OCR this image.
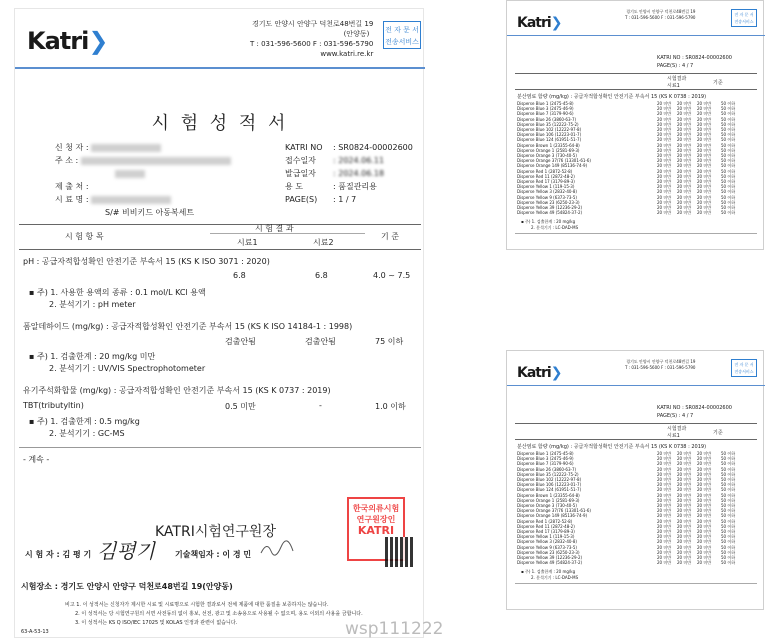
Katri❯
경기도 안양시 안양구 덕천로48번길 19
(안양동)
T : 031-596-5600 F : 031-596-5790
www.katri.re.kr
전 자 문 서
전송서비스
시 험 성 적 서
신 청 자 :
주 소 :
제 출 처 :
시 료 명 :
S/# 비비키드 아동복세트
KATRI NO : SR0824-00002600
접수일자 : 2024.06.11
발급일자 : 2024.06.18
용 도	: 품질관리용
PAGE(S) : 1 / 7
시 험 항 목
시 험 결 과
시료1	시료2
기 준
pH : 공급자적합성확인 안전기준 부속서 15 (KS K ISO 3071 : 2020)
6.8	6.8	4.0 ~ 7.5
▪ 주) 1. 사용한 용액의 종류 : 0.1 mol/L KCl 용액
2. 분석기기 : pH meter
폼알데하이드 (mg/kg) : 공급자적합성확인 안전기준 부속서 15 (KS K ISO 14184-1 : 1998)
검출안됨	검출안됨	75 이하
▪ 주) 1. 검출한계 : 20 mg/kg 미만
2. 분석기기 : UV/VIS Spectrophotometer
유기주석화합물 (mg/kg) : 공급자적합성확인 안전기준 부속서 15 (KS K 0737 : 2019)
TBT(tributyltin)	0.5 미만	-	1.0 이하
▪ 주) 1. 검출한계 : 0.5 mg/kg
2. 분석기기 : GC-MS
- 계속 -
KATRI시험연구원장
한국의류시험연구원장인
KATRI
시 험 자 : 김 평 기 김평기	기술책임자 : 이 경 민
시험장소 : 경기도 안양시 안양구 덕천로48번길 19(안양동)
비고 1. 이 성적서는 신청자가 제시한 시료 및 시료명으로 시험한 결과로서 전체 제품에 대한 품질을 보증하지는 않습니다.
2. 이 성적서는 당 시험연구원의 서면 사전동의 없이 홍보, 선전, 광고 및 소송용으로 사용될 수 없으며, 용도 이외의 사용을 금합니다.
3. 이 성적서는 KS Q ISO/IEC 17025 및 KOLAS 인정과 관련이 없습니다.
63-A-53-13	wsp111222
Katri❯
경기도 안양시 안양구 덕천로48번길 19
T : 031-596-5600 F : 031-596-5790
전 자 문 서
전송서비스
KATRI NO : SR0824-00002600
PAGE(S) : 4 / 7
시험결과
시료1	기준
분산염료 함량 (mg/kg) : 공급자적합성확인 안전기준 부속서 15 (KS K 0738 : 2019)
Disperse Blue 1 (2475-45-8)	20 미만 20 미만 20 미만 50 이하
Disperse Blue 3 (2475-46-9)	20 미만 20 미만 20 미만 50 이하
Disperse Blue 7 (3179-90-6)	20 미만 20 미만 20 미만 50 이하
Disperse Blue 26 (3860-63-7)	20 미만 20 미만 20 미만 50 이하
Disperse Blue 35 (12222-75-2)	20 미만 20 미만 20 미만 50 이하
Disperse Blue 102 (12222-97-8)	20 미만 20 미만 20 미만 50 이하
Disperse Blue 106 (12223-01-7)	20 미만 20 미만 20 미만 50 이하
Disperse Blue 124 (61951-51-7)	20 미만 20 미만 20 미만 50 이하
Disperse Brown 1 (23355-64-8)	20 미만 20 미만 20 미만 50 이하
Disperse Orange 1 (2581-69-3)	20 미만 20 미만 20 미만 50 이하
Disperse Orange 3 (730-40-5)	20 미만 20 미만 20 미만 50 이하
Disperse Orange 37/76 (13301-61-6)	20 미만 20 미만 20 미만 50 이하
Disperse Orange 149 (85136-74-9)	20 미만 20 미만 20 미만 50 이하
Disperse Red 1 (2872-52-8)	20 미만 20 미만 20 미만 50 이하
Disperse Red 11 (2872-48-2)	20 미만 20 미만 20 미만 50 이하
Disperse Red 17 (3179-89-3)	20 미만 20 미만 20 미만 50 이하
Disperse Yellow 1 (119-15-3)	20 미만 20 미만 20 미만 50 이하
Disperse Yellow 3 (2832-40-8)	20 미만 20 미만 20 미만 50 이하
Disperse Yellow 9 (6373-73-5)	20 미만 20 미만 20 미만 50 이하
Disperse Yellow 23 (6250-23-3)	20 미만 20 미만 20 미만 50 이하
Disperse Yellow 39 (12236-29-2)	20 미만 20 미만 20 미만 50 이하
Disperse Yellow 49 (54824-37-2)	20 미만 20 미만 20 미만 50 이하
▪ 주) 1. 검출한계 : 20 mg/kg
2. 분석기기 : LC-DAD-MS
Katri❯
경기도 안양시 안양구 덕천로48번길 19
T : 031-596-5600 F : 031-596-5790
전 자 문 서
전송서비스
KATRI NO : SR0824-00002600
PAGE(S) : 4 / 7
시험결과
시료1	기준
분산염료 함량 (mg/kg) : 공급자적합성확인 안전기준 부속서 15 (KS K 0738 : 2019)
Disperse Blue 1 (2475-45-8)	20 미만 20 미만 20 미만 50 이하
Disperse Blue 3 (2475-46-9)	20 미만 20 미만 20 미만 50 이하
Disperse Blue 7 (3179-90-6)	20 미만 20 미만 20 미만 50 이하
Disperse Blue 26 (3860-63-7)	20 미만 20 미만 20 미만 50 이하
Disperse Blue 35 (12222-75-2)	20 미만 20 미만 20 미만 50 이하
Disperse Blue 102 (12222-97-8)	20 미만 20 미만 20 미만 50 이하
Disperse Blue 106 (12223-01-7)	20 미만 20 미만 20 미만 50 이하
Disperse Blue 124 (61951-51-7)	20 미만 20 미만 20 미만 50 이하
Disperse Brown 1 (23355-64-8)	20 미만 20 미만 20 미만 50 이하
Disperse Orange 1 (2581-69-3)	20 미만 20 미만 20 미만 50 이하
Disperse Orange 3 (730-40-5)	20 미만 20 미만 20 미만 50 이하
Disperse Orange 37/76 (13301-61-6)	20 미만 20 미만 20 미만 50 이하
Disperse Orange 149 (85136-74-9)	20 미만 20 미만 20 미만 50 이하
Disperse Red 1 (2872-52-8)	20 미만 20 미만 20 미만 50 이하
Disperse Red 11 (2872-48-2)	20 미만 20 미만 20 미만 50 이하
Disperse Red 17 (3179-89-3)	20 미만 20 미만 20 미만 50 이하
Disperse Yellow 1 (119-15-3)	20 미만 20 미만 20 미만 50 이하
Disperse Yellow 3 (2832-40-8)	20 미만 20 미만 20 미만 50 이하
Disperse Yellow 9 (6373-73-5)	20 미만 20 미만 20 미만 50 이하
Disperse Yellow 23 (6250-23-3)	20 미만 20 미만 20 미만 50 이하
Disperse Yellow 39 (12236-29-2)	20 미만 20 미만 20 미만 50 이하
Disperse Yellow 49 (54824-37-2)	20 미만 20 미만 20 미만 50 이하
▪ 주) 1. 검출한계 : 20 mg/kg
2. 분석기기 : LC-DAD-MS
